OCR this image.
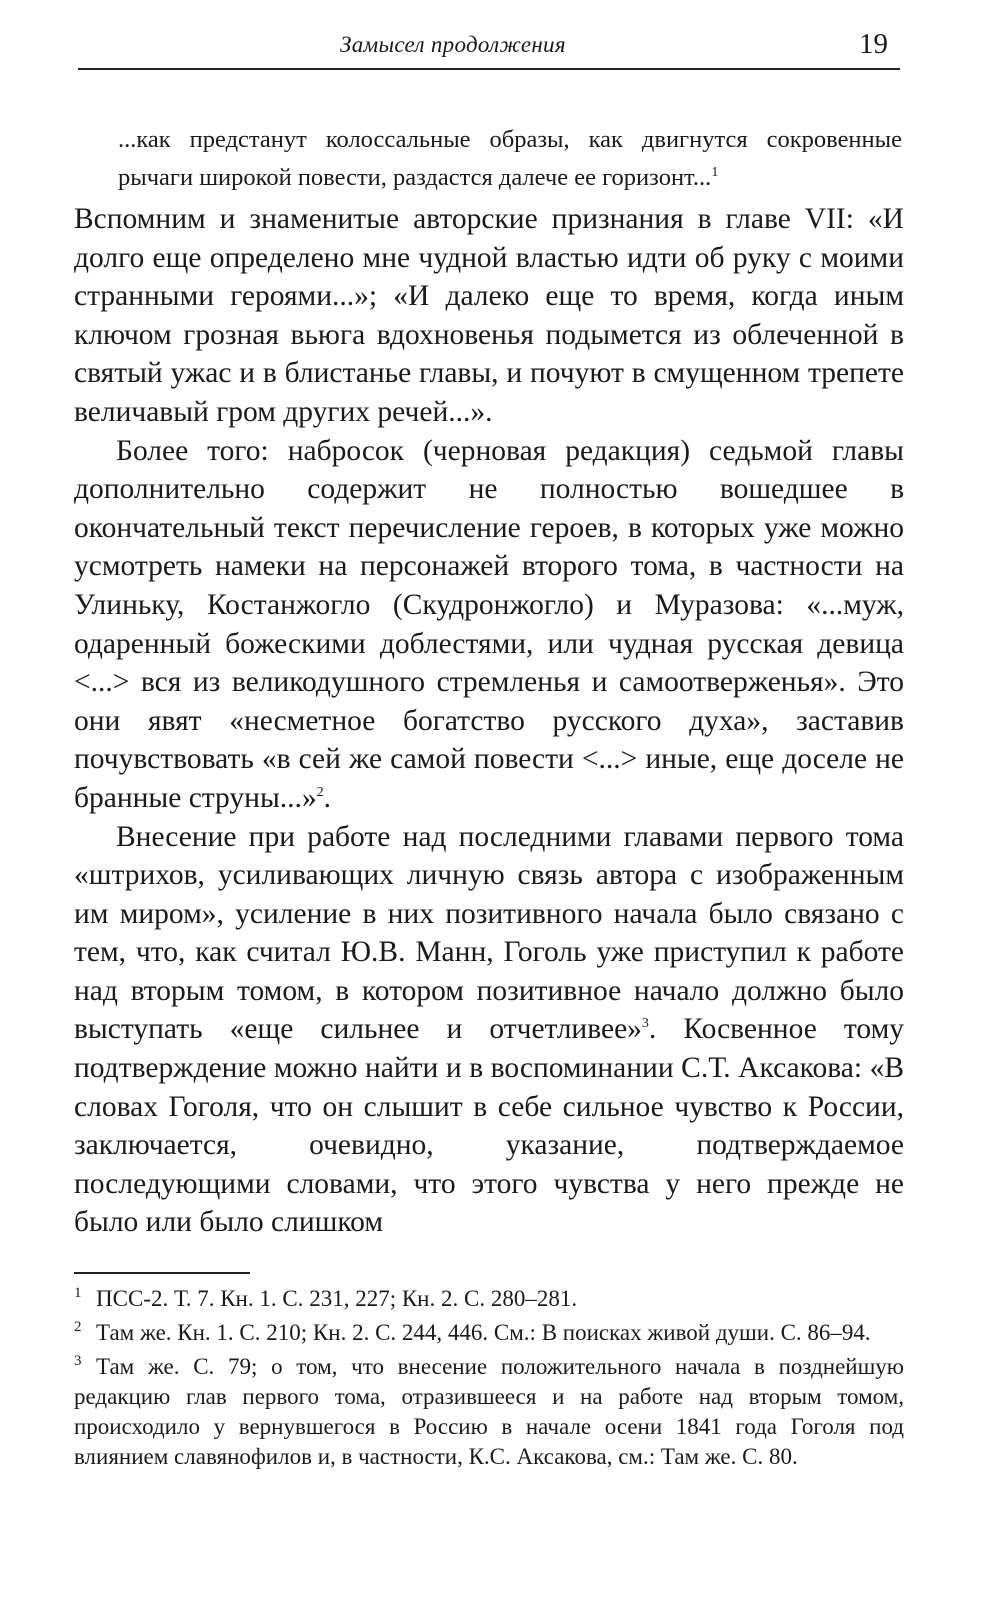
Замысел продолжения	19

...как предстанут колоссальные образы, как двигнутся сокровенные рычаги широкой повести, раздастся далече ее горизонт...$^1$

Вспомним и знаменитые авторские признания в главе VII: «И долго еще определено мне чудной властью идти об руку с моими странными героями...»; «И далеко еще то время, когда иным ключом грозная вьюга вдохновенья подымется из облеченной в святый ужас и в блистанье главы, и почуют в смущенном трепете величавый гром других речей...».

Более того: набросок (черновая редакция) седьмой главы дополнительно содержит не полностью вошедшее в окончательный текст перечисление героев, в которых уже можно усмотреть намеки на персонажей второго тома, в частности на Улиньку, Костанжогло (Скудронжогло) и Муразова: «...муж, одаренный божескими доблестями, или чудная русская девица <...> вся из великодушного стремленья и самоотверженья». Это они явят «несметное богатство русского духа», заставив почувствовать «в сей же самой повести <...> иные, еще доселе не бранные струны...»$^2$.

Внесение при работе над последними главами первого тома «штрихов, усиливающих личную связь автора с изображенным им миром», усиление в них позитивного начала было связано с тем, что, как считал Ю.В. Манн, Гоголь уже приступил к работе над вторым томом, в котором позитивное начало должно было выступать «еще сильнее и отчетливее»$^3$. Косвенное тому подтверждение можно найти и в воспоминании С.Т. Аксакова: «В словах Гоголя, что он слышит в себе сильное чувство к России, заключается, очевидно, указание, подтверждаемое последующими словами, что этого чувства у него прежде не было или было слишком

1 ПСС-2. Т. 7. Кн. 1. С. 231, 227; Кн. 2. С. 280–281.

2 Там же. Кн. 1. С. 210; Кн. 2. С. 244, 446. См.: В поисках живой души. С. 86–94.

3 Там же. С. 79; о том, что внесение положительного начала в позднейшую редакцию глав первого тома, отразившееся и на работе над вторым томом, происходило у вернувшегося в Россию в начале осени 1841 года Гоголя под влиянием славянофилов и, в частности, К.С. Аксакова, см.: Там же. С. 80.
